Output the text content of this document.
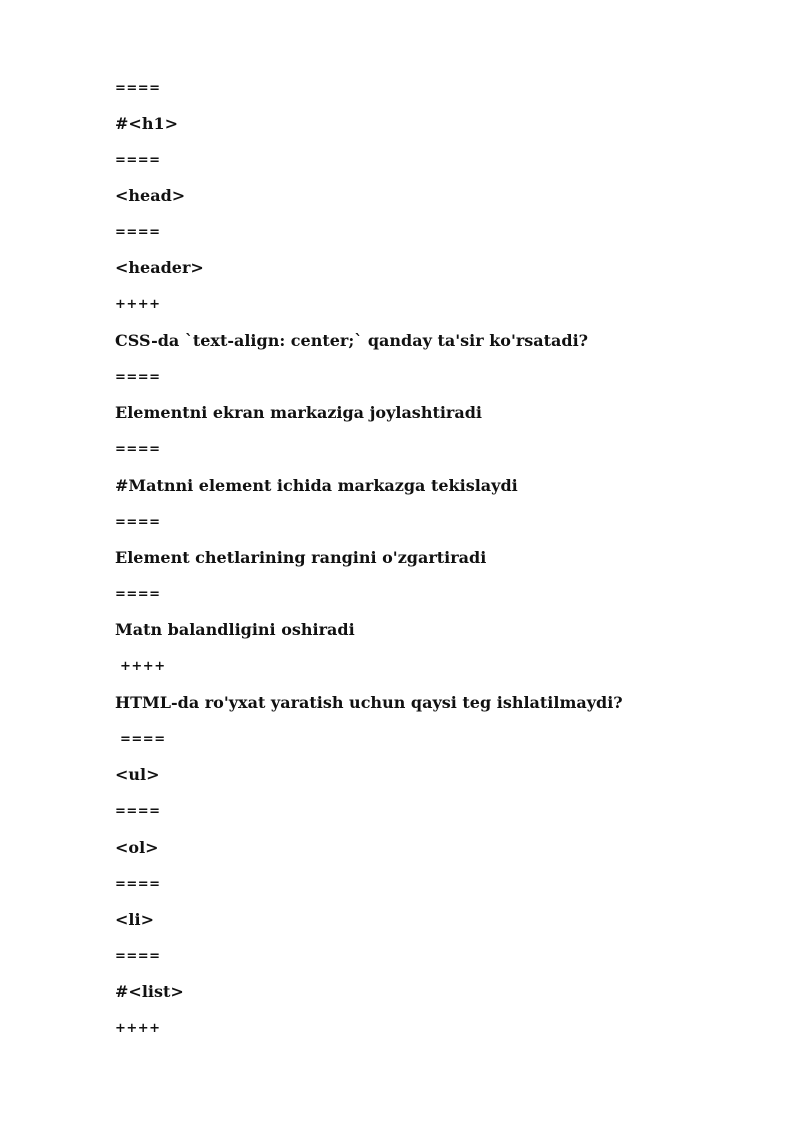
====
#<h1>
====
<head>
====
<header>
++++
CSS-da `text-align: center;` qanday ta'sir ko'rsatadi?
====
Elementni ekran markaziga joylashtiradi
====
#Matnni element ichida markazga tekislaydi
====
Element chetlarining rangini o'zgartiradi
====
Matn balandligini oshiradi
++++
HTML-da ro'yxat yaratish uchun qaysi teg ishlatilmaydi?
====
<ul>
====
<ol>
====
<li>
====
#<list>
++++
